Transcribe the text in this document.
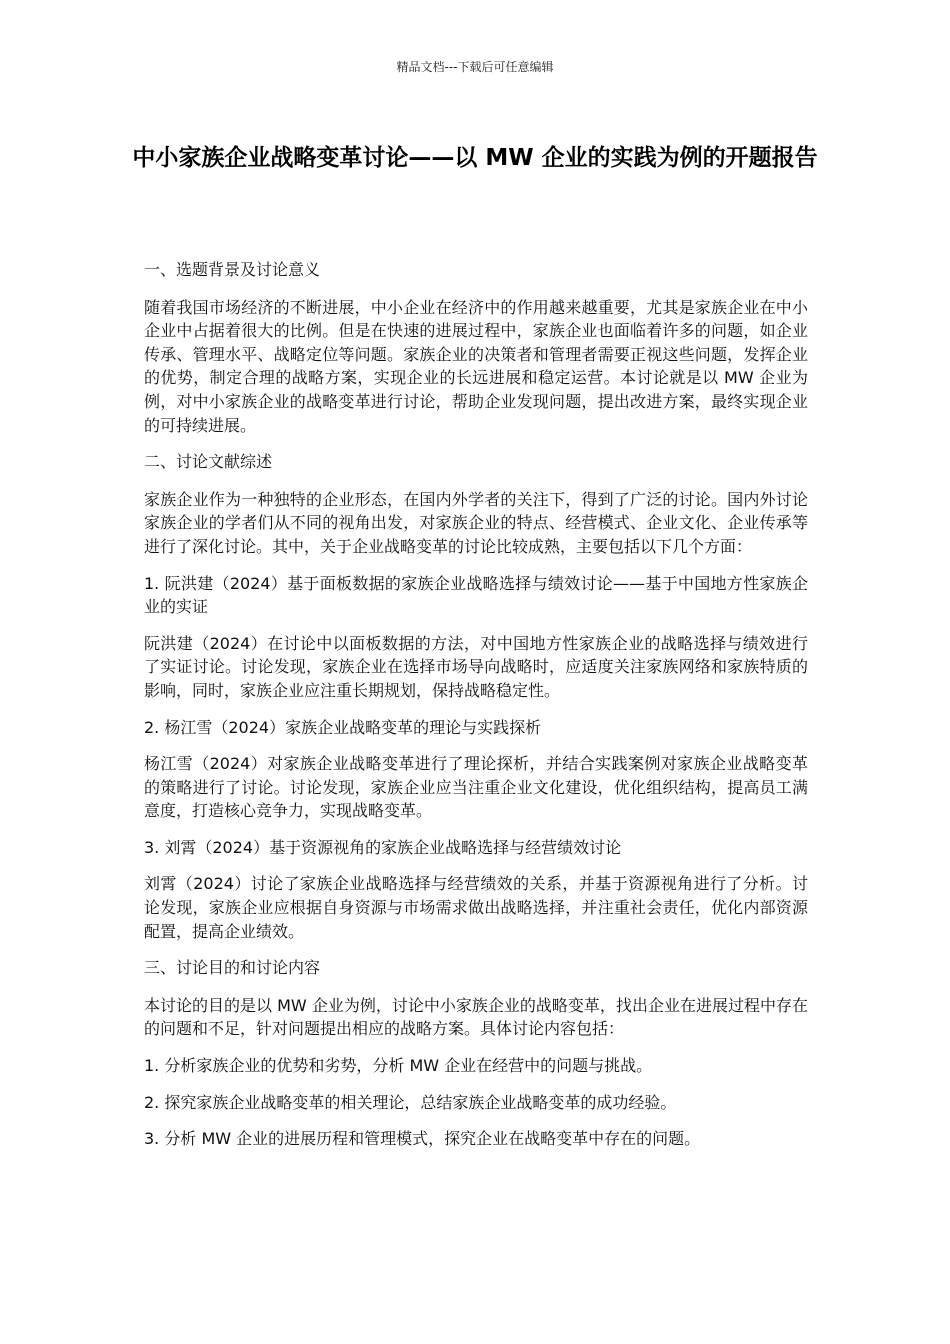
精品文档---下载后可任意编辑
中小家族企业战略变革讨论——以 MW 企业的实践为例的开题报告

一、选题背景及讨论意义

随着我国市场经济的不断进展，中小企业在经济中的作用越来越重要，尤其是家族企业在中小企业中占据着很大的比例。但是在快速的进展过程中，家族企业也面临着许多的问题，如企业传承、管理水平、战略定位等问题。家族企业的决策者和管理者需要正视这些问题，发挥企业的优势，制定合理的战略方案，实现企业的长远进展和稳定运营。本讨论就是以 MW 企业为例，对中小家族企业的战略变革进行讨论，帮助企业发现问题，提出改进方案，最终实现企业的可持续进展。

二、讨论文献综述

家族企业作为一种独特的企业形态，在国内外学者的关注下，得到了广泛的讨论。国内外讨论家族企业的学者们从不同的视角出发，对家族企业的特点、经营模式、企业文化、企业传承等进行了深化讨论。其中，关于企业战略变革的讨论比较成熟，主要包括以下几个方面：

1. 阮洪建（2024）基于面板数据的家族企业战略选择与绩效讨论——基于中国地方性家族企业的实证

阮洪建（2024）在讨论中以面板数据的方法，对中国地方性家族企业的战略选择与绩效进行了实证讨论。讨论发现，家族企业在选择市场导向战略时，应适度关注家族网络和家族特质的影响，同时，家族企业应注重长期规划，保持战略稳定性。

2. 杨江雪（2024）家族企业战略变革的理论与实践探析

杨江雪（2024）对家族企业战略变革进行了理论探析，并结合实践案例对家族企业战略变革的策略进行了讨论。讨论发现，家族企业应当注重企业文化建设，优化组织结构，提高员工满意度，打造核心竞争力，实现战略变革。

3. 刘霄（2024）基于资源视角的家族企业战略选择与经营绩效讨论

刘霄（2024）讨论了家族企业战略选择与经营绩效的关系，并基于资源视角进行了分析。讨论发现，家族企业应根据自身资源与市场需求做出战略选择，并注重社会责任，优化内部资源配置，提高企业绩效。

三、讨论目的和讨论内容

本讨论的目的是以 MW 企业为例，讨论中小家族企业的战略变革，找出企业在进展过程中存在的问题和不足，针对问题提出相应的战略方案。具体讨论内容包括：

1. 分析家族企业的优势和劣势，分析 MW 企业在经营中的问题与挑战。

2. 探究家族企业战略变革的相关理论，总结家族企业战略变革的成功经验。

3. 分析 MW 企业的进展历程和管理模式，探究企业在战略变革中存在的问题。
